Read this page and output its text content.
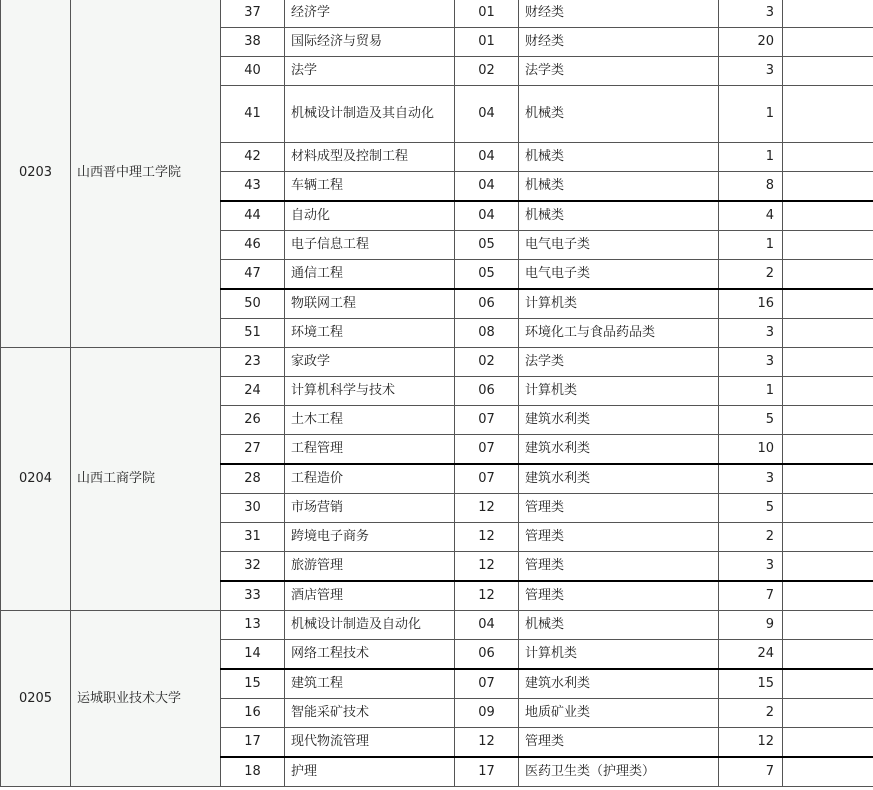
0203	山西晋中理工学院	37	经济学	01	财经类	3	
		38	国际经济与贸易	01	财经类	20	
		40	法学	02	法学类	3	
		41	机械设计制造及其自动化	04	机械类	1	
		42	材料成型及控制工程	04	机械类	1	
		43	车辆工程	04	机械类	8	
		44	自动化	04	机械类	4	
		46	电子信息工程	05	电气电子类	1	
		47	通信工程	05	电气电子类	2	
		50	物联网工程	06	计算机类	16	
		51	环境工程	08	环境化工与食品药品类	3	
0204	山西工商学院	23	家政学	02	法学类	3	
		24	计算机科学与技术	06	计算机类	1	
		26	土木工程	07	建筑水利类	5	
		27	工程管理	07	建筑水利类	10	
		28	工程造价	07	建筑水利类	3	
		30	市场营销	12	管理类	5	
		31	跨境电子商务	12	管理类	2	
		32	旅游管理	12	管理类	3	
		33	酒店管理	12	管理类	7	
0205	运城职业技术大学	13	机械设计制造及自动化	04	机械类	9	
		14	网络工程技术	06	计算机类	24	
		15	建筑工程	07	建筑水利类	15	
		16	智能采矿技术	09	地质矿业类	2	
		17	现代物流管理	12	管理类	12	
		18	护理	17	医药卫生类（护理类）	7	
